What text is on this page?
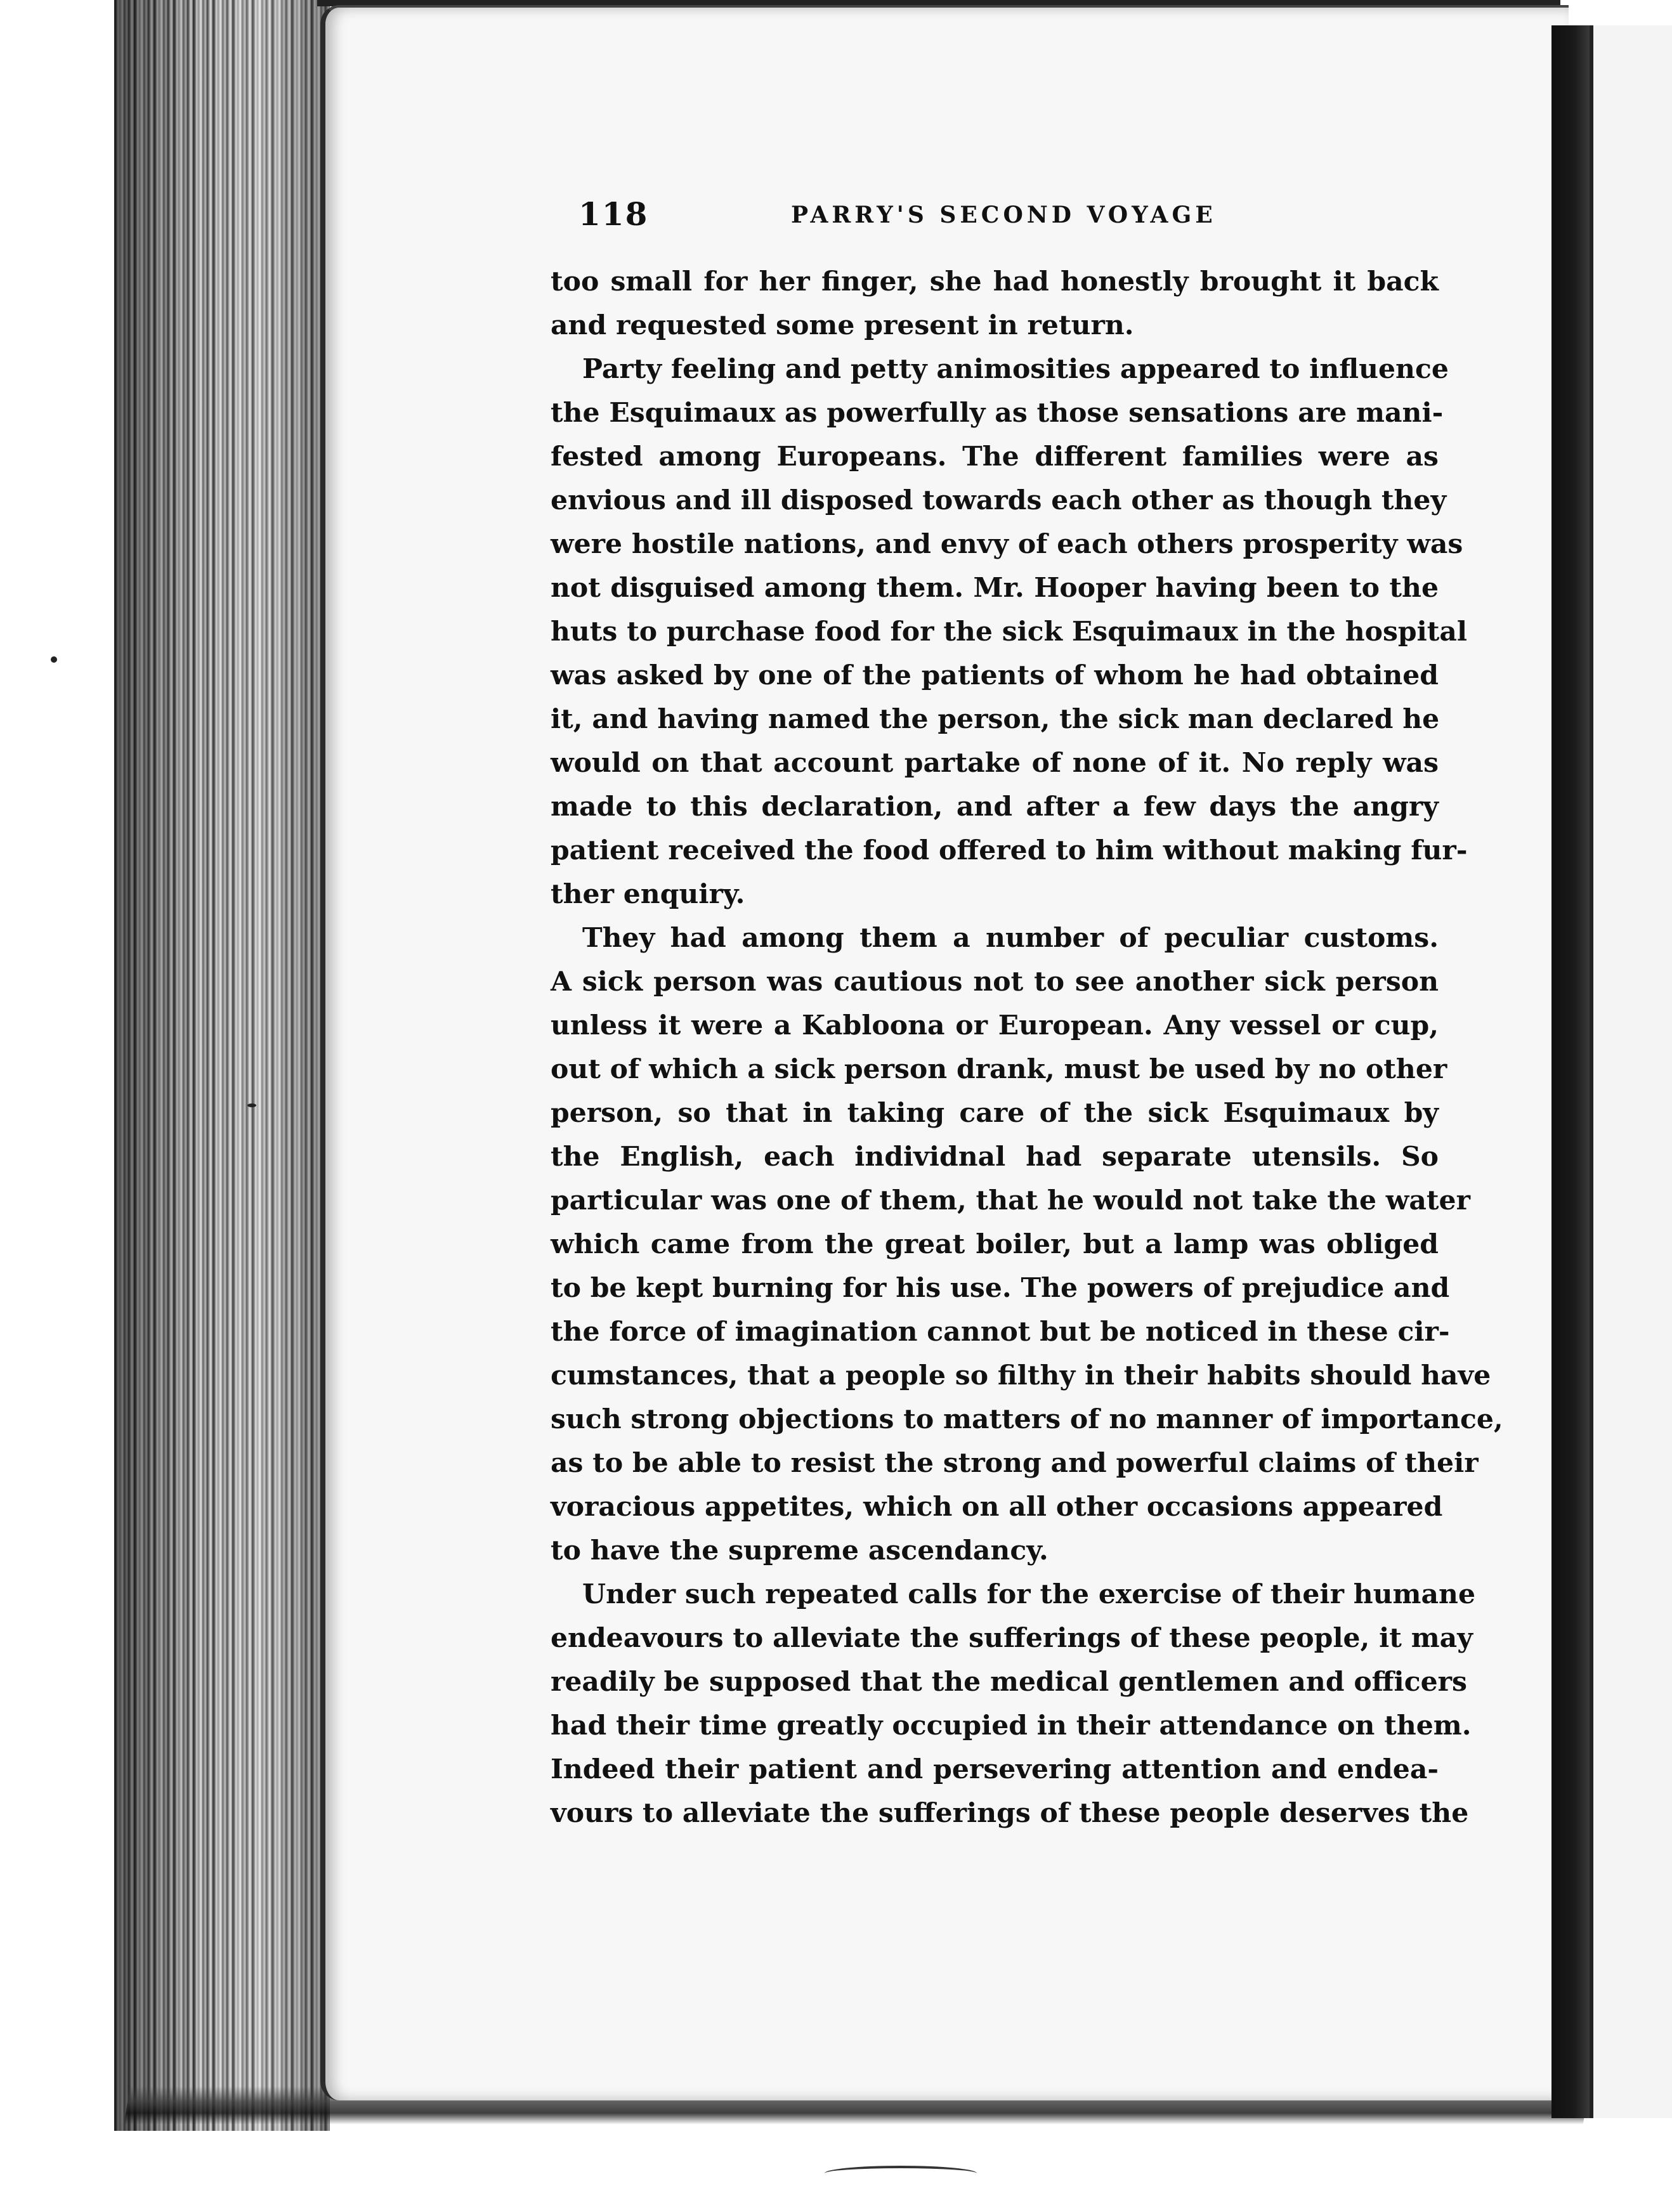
118	PARRY'S SECOND VOYAGE
too small for her finger, she had honestly brought it back
and requested some present in return.
Party feeling and petty animosities appeared to influence
the Esquimaux as powerfully as those sensations are mani-
fested among Europeans. The different families were as
envious and ill disposed towards each other as though they
were hostile nations, and envy of each others prosperity was
not disguised among them. Mr. Hooper having been to the
huts to purchase food for the sick Esquimaux in the hospital
was asked by one of the patients of whom he had obtained
it, and having named the person, the sick man declared he
would on that account partake of none of it. No reply was
made to this declaration, and after a few days the angry
patient received the food offered to him without making fur-
ther enquiry.
They had among them a number of peculiar customs.
A sick person was cautious not to see another sick person
unless it were a Kabloona or European. Any vessel or cup,
out of which a sick person drank, must be used by no other
person, so that in taking care of the sick Esquimaux by
the English, each individnal had separate utensils. So
particular was one of them, that he would not take the water
which came from the great boiler, but a lamp was obliged
to be kept burning for his use. The powers of prejudice and
the force of imagination cannot but be noticed in these cir-
cumstances, that a people so filthy in their habits should have
such strong objections to matters of no manner of importance,
as to be able to resist the strong and powerful claims of their
voracious appetites, which on all other occasions appeared
to have the supreme ascendancy.
Under such repeated calls for the exercise of their humane
endeavours to alleviate the sufferings of these people, it may
readily be supposed that the medical gentlemen and officers
had their time greatly occupied in their attendance on them.
Indeed their patient and persevering attention and endea-
vours to alleviate the sufferings of these people deserves the
